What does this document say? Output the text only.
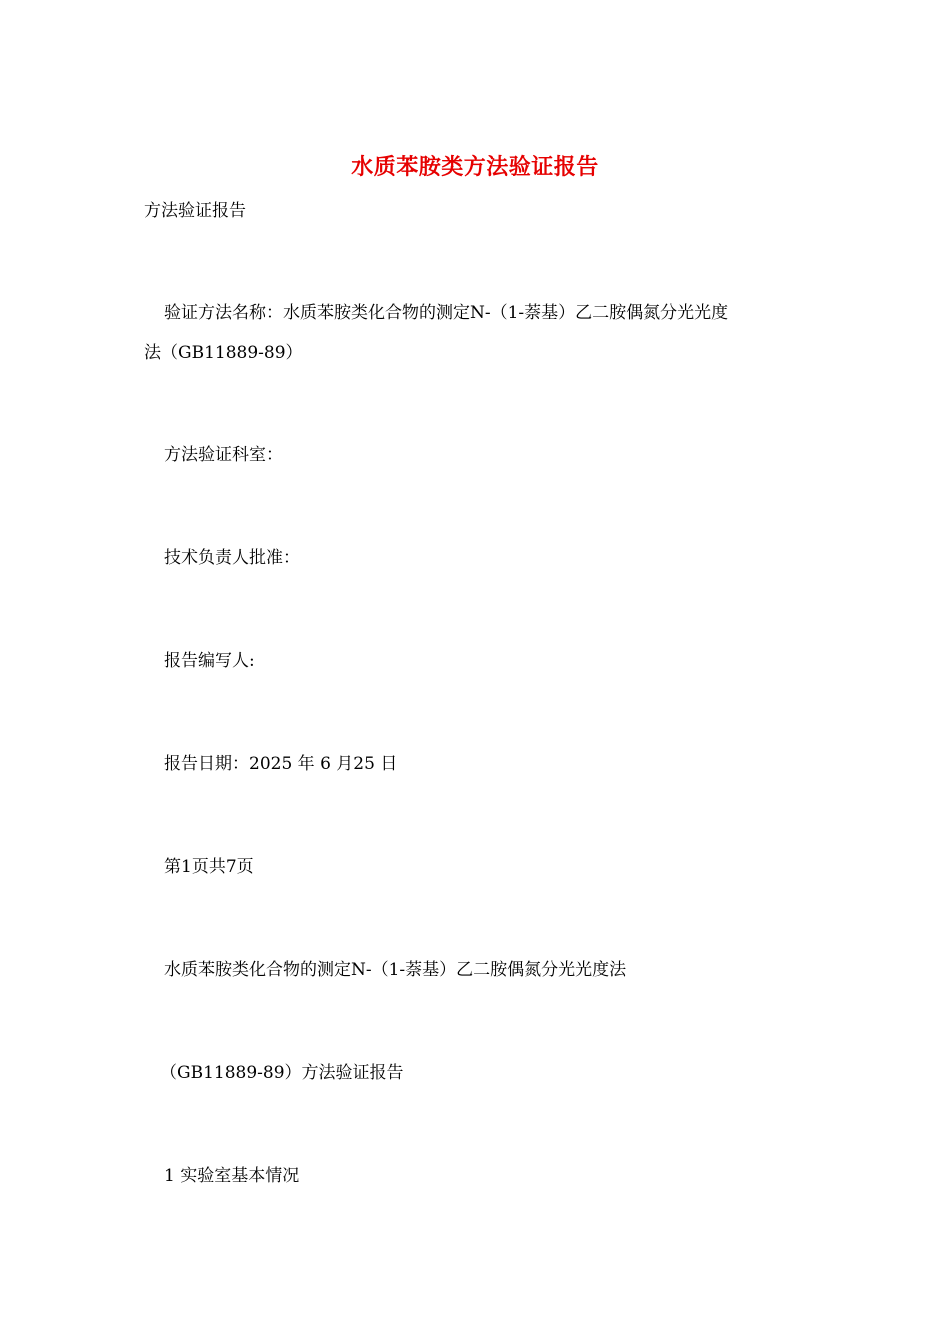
水质苯胺类方法验证报告
方法验证报告
验证方法名称：水质苯胺类化合物的测定N-（1-萘基）乙二胺偶氮分光光度
法（GB11889-89）
方法验证科室：
技术负责人批准：
报告编写人:
报告日期：2025 年 6 月25 日
第1页共7页
水质苯胺类化合物的测定N-（1-萘基）乙二胺偶氮分光光度法
（GB11889-89）方法验证报告
1 实验室基本情况
